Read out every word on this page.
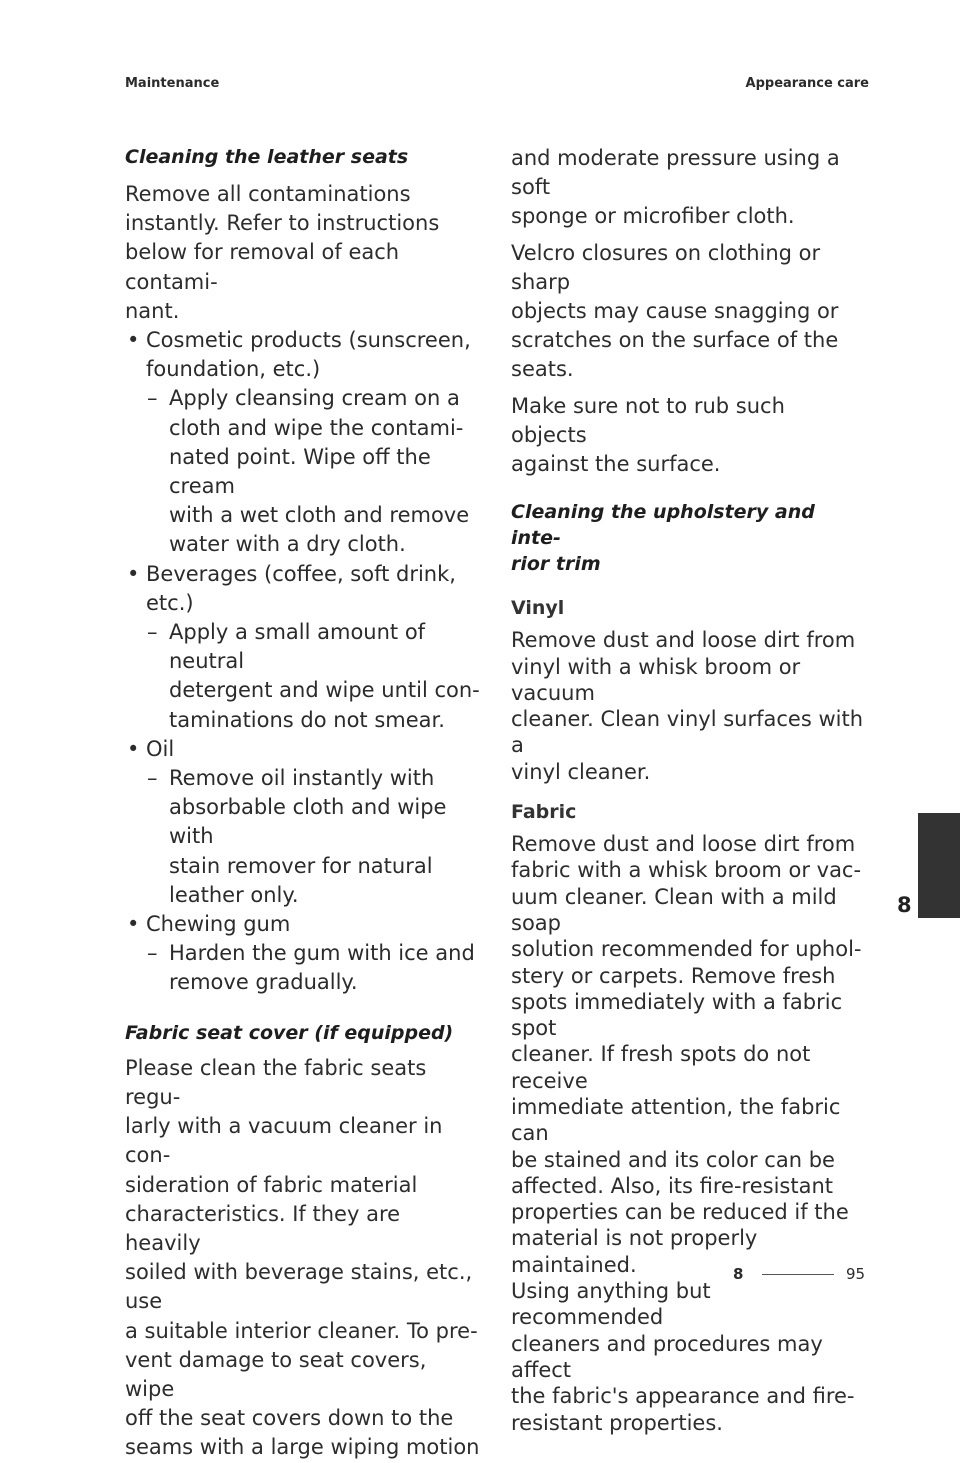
Maintenance	Appearance care
Cleaning the leather seats
Remove all contaminations
instantly. Refer to instructions
below for removal of each contami‐
nant.
• Cosmetic products (sunscreen,
foundation, etc.)
– Apply cleansing cream on a
cloth and wipe the contami‐
nated point. Wipe off the cream
with a wet cloth and remove
water with a dry cloth.
• Beverages (coffee, soft drink,
etc.)
– Apply a small amount of neutral
detergent and wipe until con‐
taminations do not smear.
• Oil
– Remove oil instantly with
absorbable cloth and wipe with
stain remover for natural
leather only.
• Chewing gum
– Harden the gum with ice and
remove gradually.
Fabric seat cover (if equipped)
Please clean the fabric seats regu‐
larly with a vacuum cleaner in con‐
sideration of fabric material
characteristics. If they are heavily
soiled with beverage stains, etc., use
a suitable interior cleaner. To pre‐
vent damage to seat covers, wipe
off the seat covers down to the
seams with a large wiping motion
and moderate pressure using a soft
sponge or microfiber cloth.
Velcro closures on clothing or sharp
objects may cause snagging or
scratches on the surface of the
seats.
Make sure not to rub such objects
against the surface.
Cleaning the upholstery and inte‐
rior trim
Vinyl
Remove dust and loose dirt from
vinyl with a whisk broom or vacuum
cleaner. Clean vinyl surfaces with a
vinyl cleaner.
Fabric
Remove dust and loose dirt from
fabric with a whisk broom or vac‐
uum cleaner. Clean with a mild soap
solution recommended for uphol‐
stery or carpets. Remove fresh
spots immediately with a fabric spot
cleaner. If fresh spots do not receive
immediate attention, the fabric can
be stained and its color can be
affected. Also, its fire-resistant
properties can be reduced if the
material is not properly maintained.
Using anything but recommended
cleaners and procedures may affect
the fabric's appearance and fire-
resistant properties.
8
8	95
